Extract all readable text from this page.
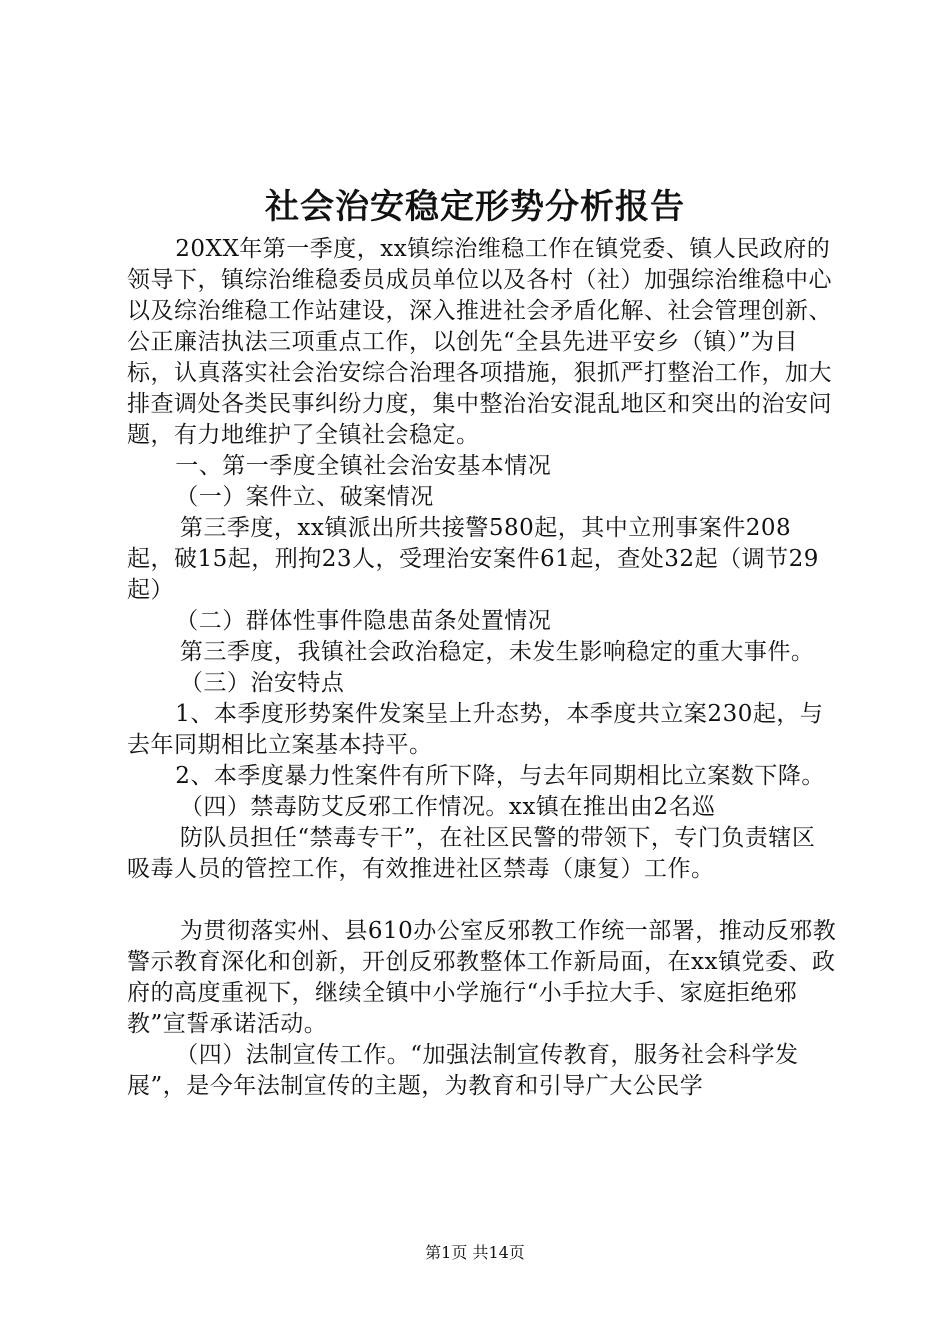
社会治安稳定形势分析报告

20XX年第一季度，xx镇综治维稳工作在镇党委、镇人民政府的领导下，镇综治维稳委员成员单位以及各村（社）加强综治维稳中心以及综治维稳工作站建设，深入推进社会矛盾化解、社会管理创新、公正廉洁执法三项重点工作，以创先“全县先进平安乡（镇）”为目标，认真落实社会治安综合治理各项措施，狠抓严打整治工作，加大排查调处各类民事纠纷力度，集中整治治安混乱地区和突出的治安问题，有力地维护了全镇社会稳定。

一、第一季度全镇社会治安基本情况

（一）案件立、破案情况

第三季度，xx镇派出所共接警580起，其中立刑事案件208起，破15起，刑拘23人，受理治安案件61起，查处32起（调节29起）

（二）群体性事件隐患苗条处置情况

第三季度，我镇社会政治稳定，未发生影响稳定的重大事件。

（三）治安特点

1、本季度形势案件发案呈上升态势，本季度共立案230起，与去年同期相比立案基本持平。

2、本季度暴力性案件有所下降，与去年同期相比立案数下降。

（四）禁毒防艾反邪工作情况。xx镇在推出由2名巡

防队员担任“禁毒专干”，在社区民警的带领下，专门负责辖区吸毒人员的管控工作，有效推进社区禁毒（康复）工作。

为贯彻落实州、县610办公室反邪教工作统一部署，推动反邪教警示教育深化和创新，开创反邪教整体工作新局面，在xx镇党委、政府的高度重视下，继续全镇中小学施行“小手拉大手、家庭拒绝邪教”宣誓承诺活动。

（四）法制宣传工作。“加强法制宣传教育，服务社会科学发展”，是今年法制宣传的主题，为教育和引导广大公民学

第1页 共14页
